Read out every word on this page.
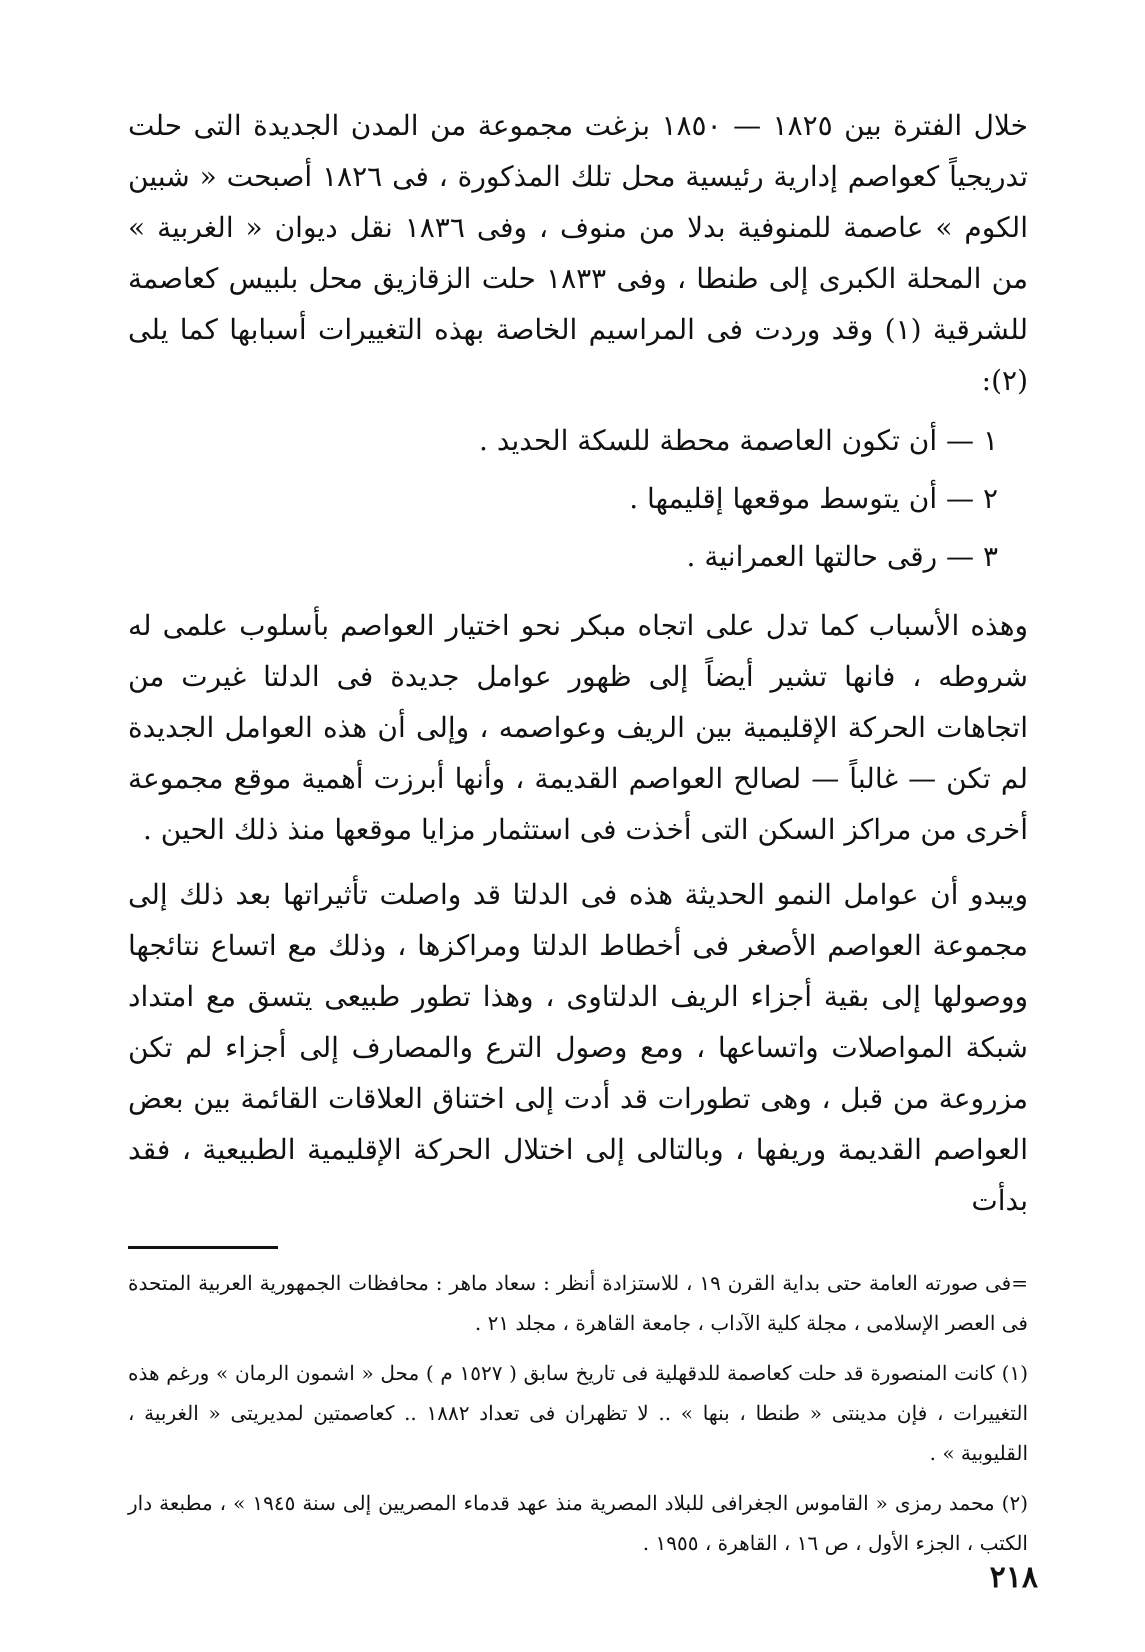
خلال الفترة بين ١٨٢٥ — ١٨٥٠ بزغت مجموعة من المدن الجديدة التى حلت تدريجياً كعواصم إدارية رئيسية محل تلك المذكورة ، فى ١٨٢٦ أصبحت « شبين الكوم » عاصمة للمنوفية بدلا من منوف ، وفى ١٨٣٦ نقل ديوان « الغربية » من المحلة الكبرى إلى طنطا ، وفى ١٨٣٣ حلت الزقازيق محل بلبيس كعاصمة للشرقية (١) وقد وردت فى المراسيم الخاصة بهذه التغييرات أسبابها كما يلى (٢):

١ — أن تكون العاصمة محطة للسكة الحديد .
٢ — أن يتوسط موقعها إقليمها .
٣ — رقى حالتها العمرانية .

وهذه الأسباب كما تدل على اتجاه مبكر نحو اختيار العواصم بأسلوب علمى له شروطه ، فانها تشير أيضاً إلى ظهور عوامل جديدة فى الدلتا غيرت من اتجاهات الحركة الإقليمية بين الريف وعواصمه ، وإلى أن هذه العوامل الجديدة لم تكن — غالباً — لصالح العواصم القديمة ، وأنها أبرزت أهمية موقع مجموعة أخرى من مراكز السكن التى أخذت فى استثمار مزايا موقعها منذ ذلك الحين .

ويبدو أن عوامل النمو الحديثة هذه فى الدلتا قد واصلت تأثيراتها بعد ذلك إلى مجموعة العواصم الأصغر فى أخطاط الدلتا ومراكزها ، وذلك مع اتساع نتائجها ووصولها إلى بقية أجزاء الريف الدلتاوى ، وهذا تطور طبيعى يتسق مع امتداد شبكة المواصلات واتساعها ، ومع وصول الترع والمصارف إلى أجزاء لم تكن مزروعة من قبل ، وهى تطورات قد أدت إلى اختناق العلاقات القائمة بين بعض العواصم القديمة وريفها ، وبالتالى إلى اختلال الحركة الإقليمية الطبيعية ، فقد بدأت

=فى صورته العامة حتى بداية القرن ١٩ ، للاستزادة أنظر : سعاد ماهر : محافظات الجمهورية العربية المتحدة فى العصر الإسلامى ، مجلة كلية الآداب ، جامعة القاهرة ، مجلد ٢١ .

(١) كانت المنصورة قد حلت كعاصمة للدقهلية فى تاريخ سابق ( ١٥٢٧ م ) محل « اشمون الرمان » ورغم هذه التغييرات ، فإن مدينتى « طنطا ، بنها » .. لا تظهران فى تعداد ١٨٨٢ .. كعاصمتين لمديريتى « الغربية ، القليوبية » .

(٢) محمد رمزى « القاموس الجغرافى للبلاد المصرية منذ عهد قدماء المصريين إلى سنة ١٩٤٥ » ، مطبعة دار الكتب ، الجزء الأول ، ص ١٦ ، القاهرة ، ١٩٥٥ .

٢١٨
